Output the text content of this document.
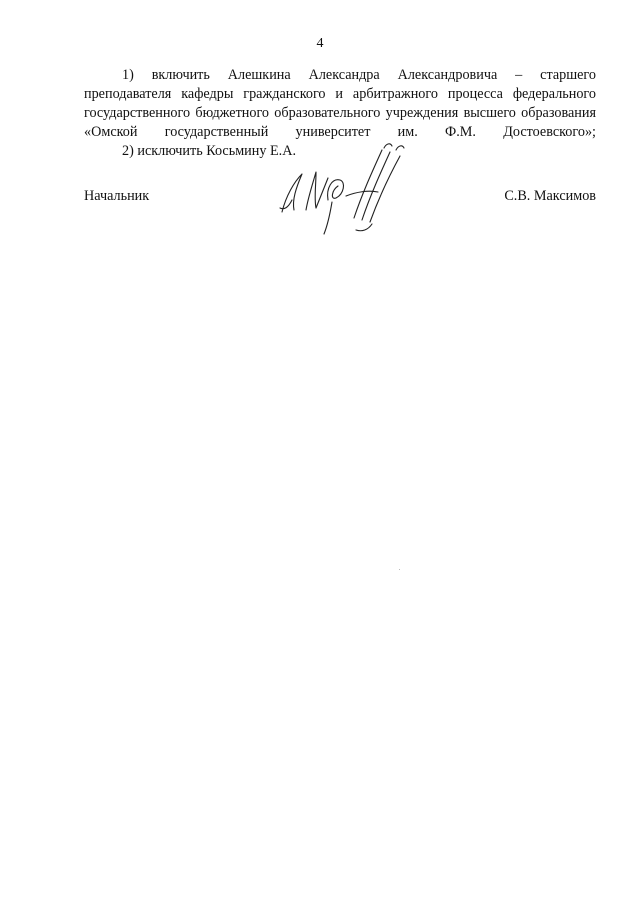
4

1) включить Алешкина Александра Александровича – старшего преподавателя кафедры гражданского и арбитражного процесса федерального государственного бюджетного образовательного учреждения высшего образования «Омской государственный университет им. Ф.М. Достоевского»;

2) исключить Косьмину Е.А.

Начальник	С.В. Максимов
